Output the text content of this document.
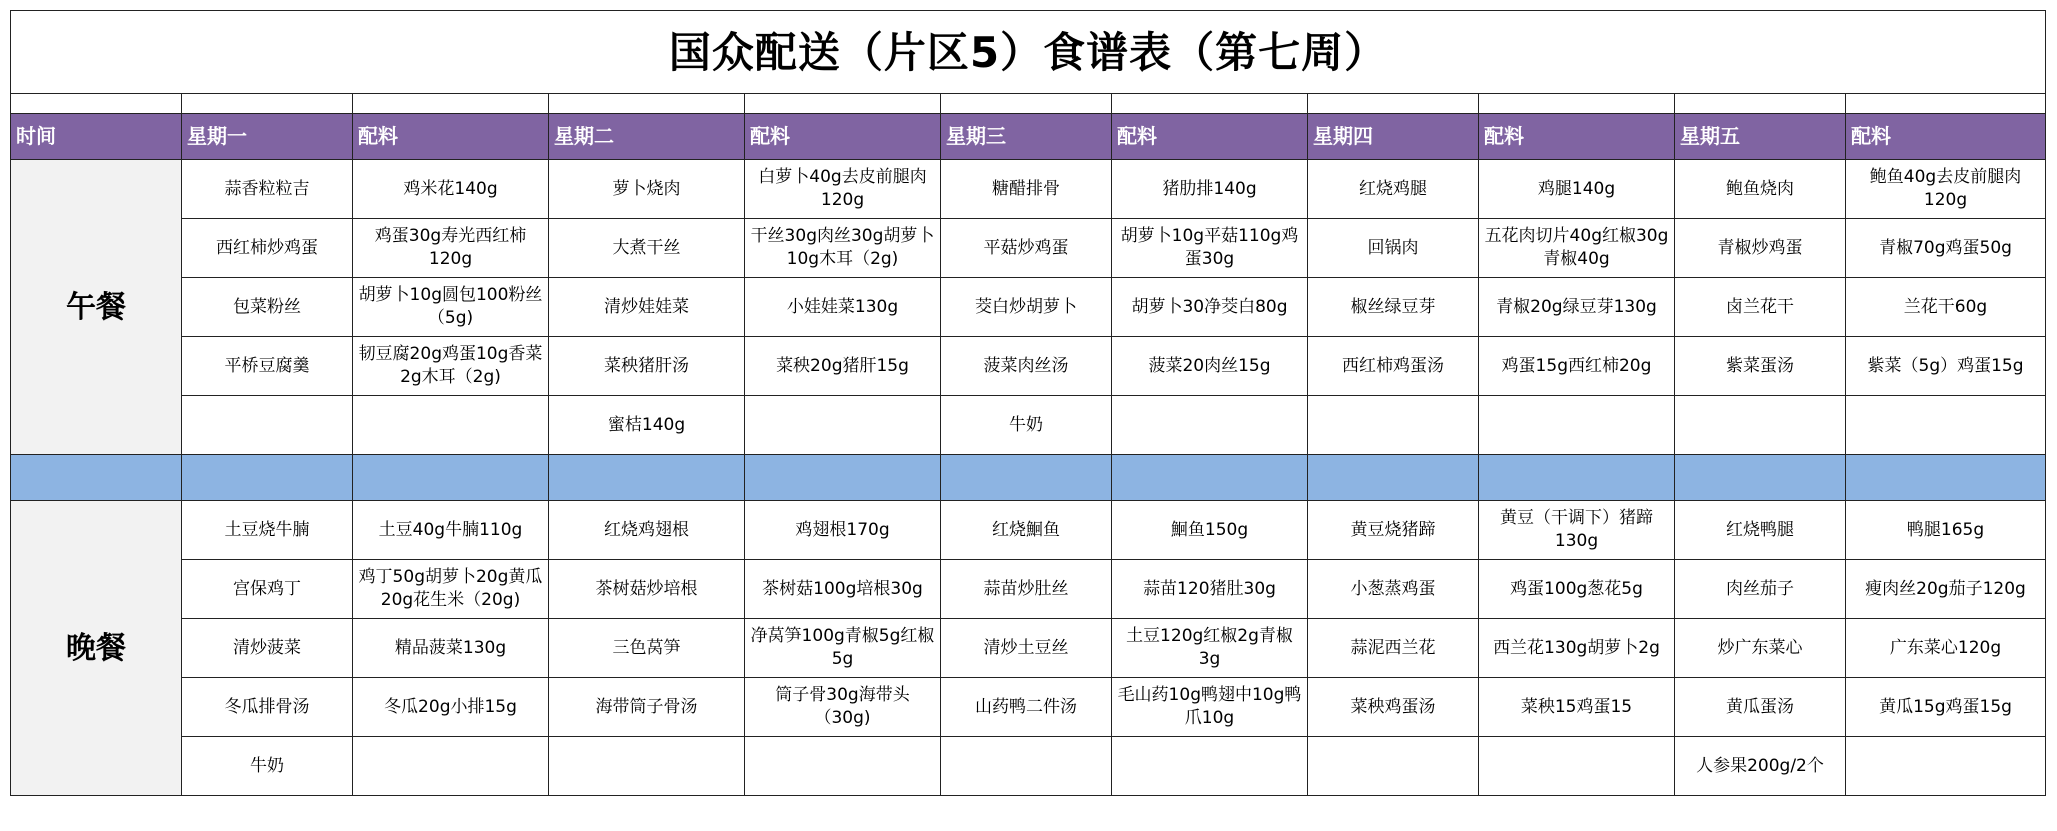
国众配送（片区5）食谱表（第七周）										

时间	星期一	配料	星期二	配料	星期三	配料	星期四	配料	星期五	配料
午餐	蒜香粒粒吉	鸡米花140g	萝卜烧肉	白萝卜40g去皮前腿肉120g	糖醋排骨	猪肋排140g	红烧鸡腿	鸡腿140g	鲍鱼烧肉	鲍鱼40g去皮前腿肉120g
	西红柿炒鸡蛋	鸡蛋30g寿光西红柿120g	大煮干丝	干丝30g肉丝30g胡萝卜10g木耳（2g)	平菇炒鸡蛋	胡萝卜10g平菇110g鸡蛋30g	回锅肉	五花肉切片40g红椒30g青椒40g	青椒炒鸡蛋	青椒70g鸡蛋50g
	包菜粉丝	胡萝卜10g圆包100粉丝（5g)	清炒娃娃菜	小娃娃菜130g	茭白炒胡萝卜	胡萝卜30净茭白80g	椒丝绿豆芽	青椒20g绿豆芽130g	卤兰花干	兰花干60g
	平桥豆腐羹	韧豆腐20g鸡蛋10g香菜2g木耳（2g)	菜秧猪肝汤	菜秧20g猪肝15g	菠菜肉丝汤	菠菜20肉丝15g	西红柿鸡蛋汤	鸡蛋15g西红柿20g	紫菜蛋汤	紫菜（5g）鸡蛋15g
			蜜桔140g		牛奶					

晚餐	土豆烧牛腩	土豆40g牛腩110g	红烧鸡翅根	鸡翅根170g	红烧鮰鱼	鮰鱼150g	黄豆烧猪蹄	黄豆（干调下）猪蹄130g	红烧鸭腿	鸭腿165g
	宫保鸡丁	鸡丁50g胡萝卜20g黄瓜20g花生米（20g)	茶树菇炒培根	茶树菇100g培根30g	蒜苗炒肚丝	蒜苗120猪肚30g	小葱蒸鸡蛋	鸡蛋100g葱花5g	肉丝茄子	瘦肉丝20g茄子120g
	清炒菠菜	精品菠菜130g	三色莴笋	净莴笋100g青椒5g红椒5g	清炒土豆丝	土豆120g红椒2g青椒3g	蒜泥西兰花	西兰花130g胡萝卜2g	炒广东菜心	广东菜心120g
	冬瓜排骨汤	冬瓜20g小排15g	海带筒子骨汤	筒子骨30g海带头（30g)	山药鸭二件汤	毛山药10g鸭翅中10g鸭爪10g	菜秧鸡蛋汤	菜秧15鸡蛋15	黄瓜蛋汤	黄瓜15g鸡蛋15g
	牛奶								人参果200g/2个	
